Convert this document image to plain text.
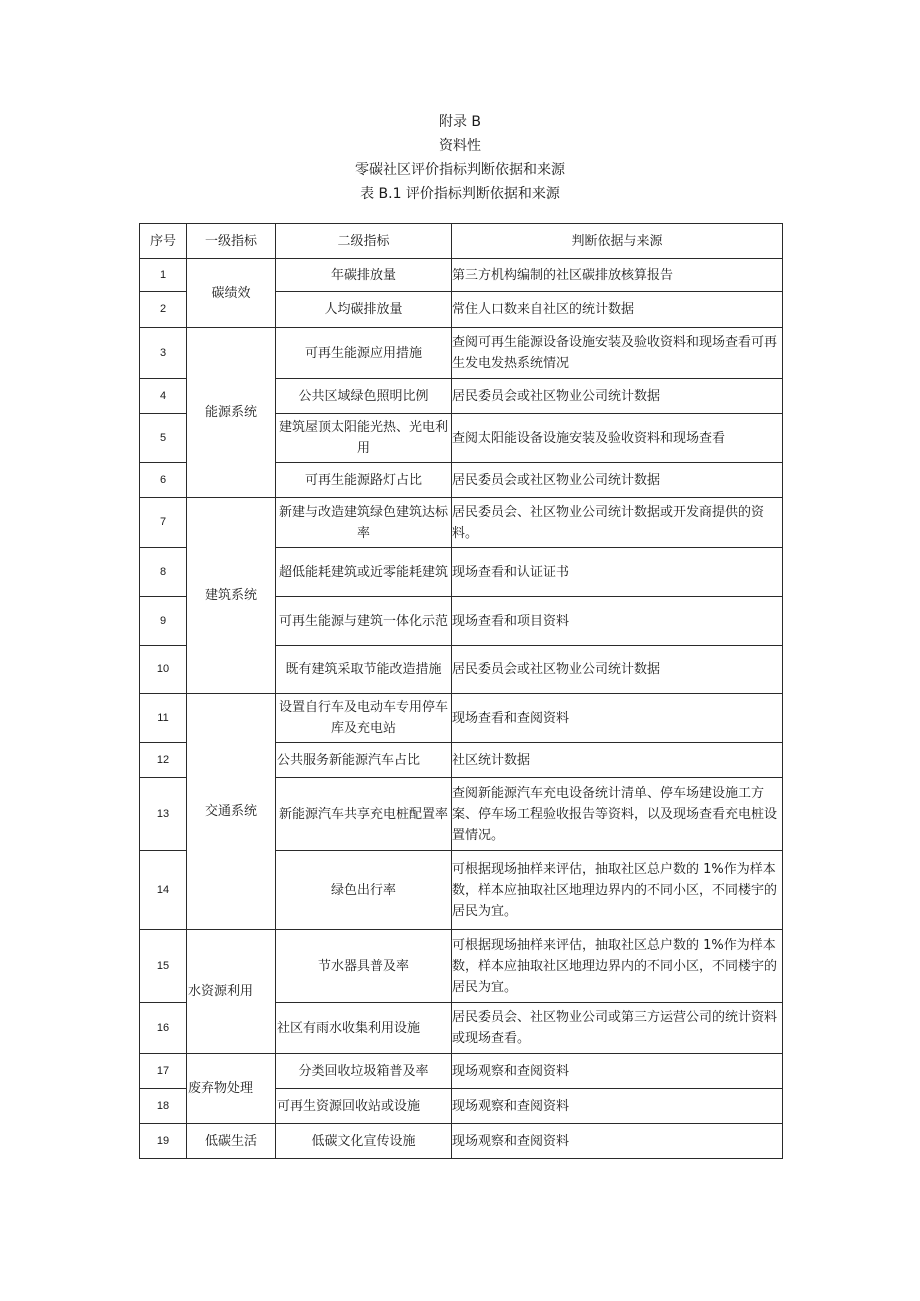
附录 B
资料性
零碳社区评价指标判断依据和来源
表 B.1 评价指标判断依据和来源
序号	一级指标	二级指标	判断依据与来源
1	碳绩效	年碳排放量	第三方机构编制的社区碳排放核算报告
2		人均碳排放量	常住人口数来自社区的统计数据
3	能源系统	可再生能源应用措施	查阅可再生能源设备设施安装及验收资料和现场查看可再生发电发热系统情况
4		公共区域绿色照明比例	居民委员会或社区物业公司统计数据
5		建筑屋顶太阳能光热、光电利用	查阅太阳能设备设施安装及验收资料和现场查看
6		可再生能源路灯占比	居民委员会或社区物业公司统计数据
7	建筑系统	新建与改造建筑绿色建筑达标率	居民委员会、社区物业公司统计数据或开发商提供的资料。
8		超低能耗建筑或近零能耗建筑	现场查看和认证证书
9		可再生能源与建筑一体化示范	现场查看和项目资料
10		既有建筑采取节能改造措施	居民委员会或社区物业公司统计数据
11	交通系统	设置自行车及电动车专用停车库及充电站	现场查看和查阅资料
12		公共服务新能源汽车占比	社区统计数据
13		新能源汽车共享充电桩配置率	查阅新能源汽车充电设备统计清单、停车场建设施工方案、停车场工程验收报告等资料，以及现场查看充电桩设置情况。
14		绿色出行率	可根据现场抽样来评估，抽取社区总户数的 1%作为样本数，样本应抽取社区地理边界内的不同小区，不同楼宇的居民为宜。
15	水资源利用	节水器具普及率	可根据现场抽样来评估，抽取社区总户数的 1%作为样本数，样本应抽取社区地理边界内的不同小区，不同楼宇的居民为宜。
16		社区有雨水收集利用设施	居民委员会、社区物业公司或第三方运营公司的统计资料或现场查看。
17	废弃物处理	分类回收垃圾箱普及率	现场观察和查阅资料
18		可再生资源回收站或设施	现场观察和查阅资料
19	低碳生活	低碳文化宣传设施	现场观察和查阅资料
